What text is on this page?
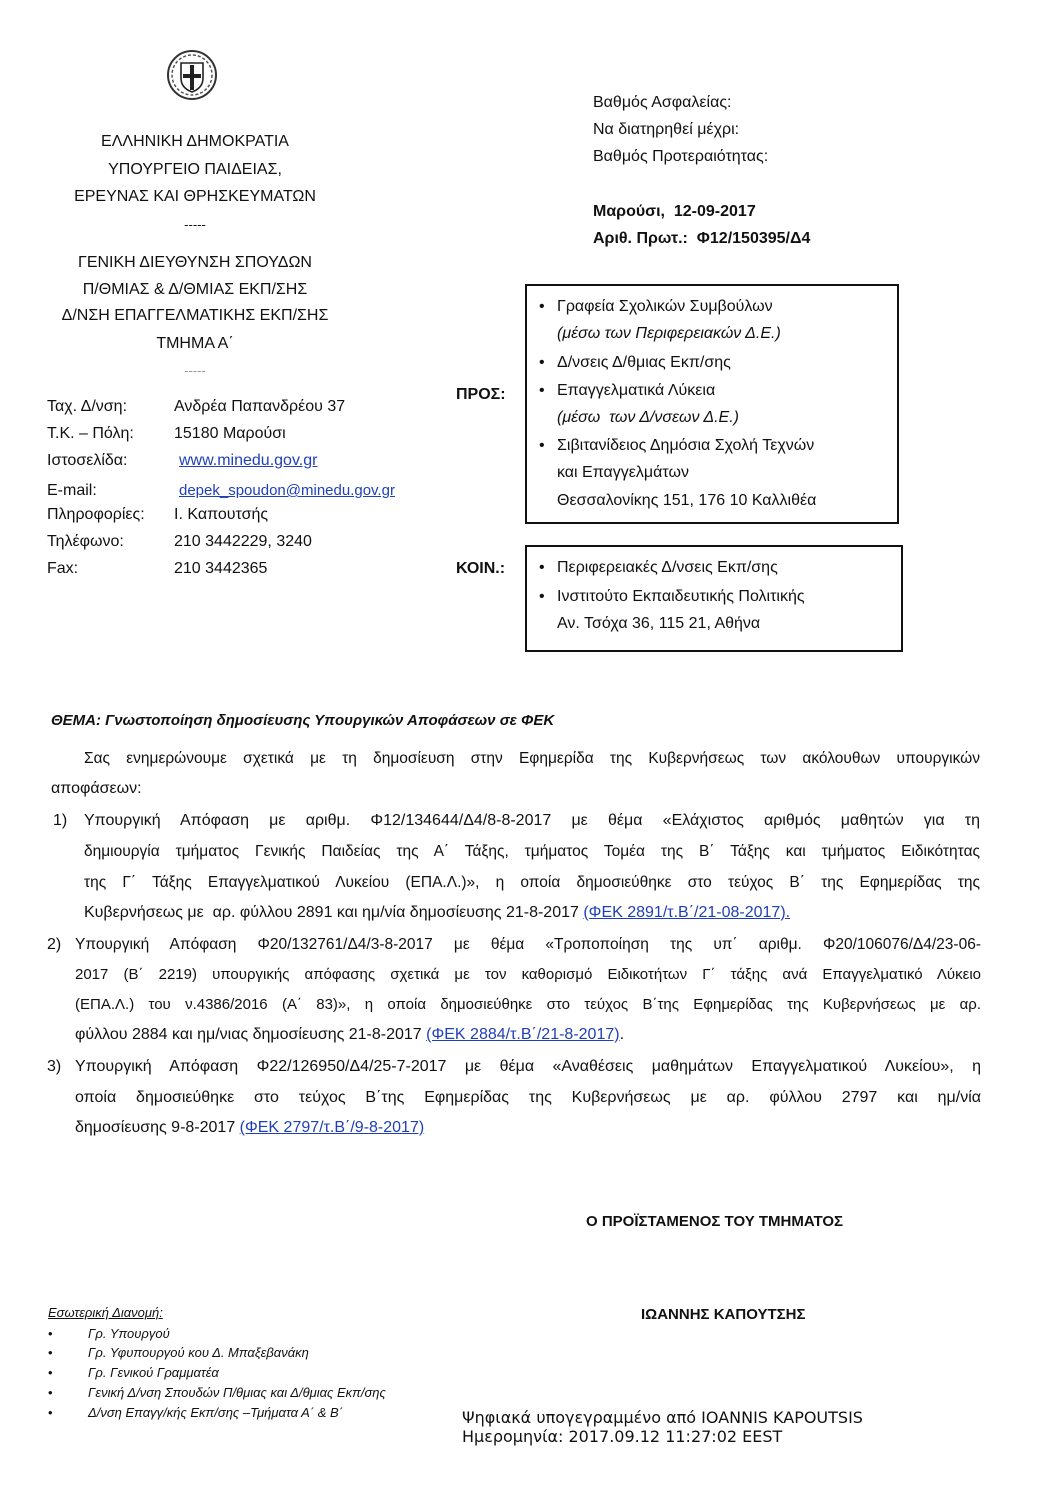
ΕΛΛΗΝΙΚΗ ΔΗΜΟΚΡΑΤΙΑ
ΥΠΟΥΡΓΕΙΟ ΠΑΙΔΕΙΑΣ,
ΕΡΕΥΝΑΣ ΚΑΙ ΘΡΗΣΚΕΥΜΑΤΩΝ
-----
ΓΕΝΙΚΗ ΔΙΕΥΘΥΝΣΗ ΣΠΟΥΔΩΝ
Π/ΘΜΙΑΣ & Δ/ΘΜΙΑΣ ΕΚΠ/ΣΗΣ
Δ/ΝΣΗ ΕΠΑΓΓΕΛΜΑΤΙΚΗΣ ΕΚΠ/ΣΗΣ
ΤΜΗΜΑ Α΄
-----
Ταχ. Δ/νση:	Ανδρέα Παπανδρέου 37
Τ.Κ. – Πόλη:	15180 Μαρούσι
Ιστοσελίδα:	www.minedu.gov.gr
E-mail:	depek_spoudon@minedu.gov.gr
Πληροφορίες: Ι. Καπουτσής
Τηλέφωνο:	210 3442229, 3240
Fax:	210 3442365
Βαθμός Ασφαλείας:
Να διατηρηθεί μέχρι:
Βαθμός Προτεραιότητας:
Μαρούσι,  12-09-2017
Αριθ. Πρωτ.:  Φ12/150395/Δ4
ΠΡΟΣ:
• Γραφεία Σχολικών Συμβούλων
(μέσω των Περιφερειακών Δ.Ε.)
• Δ/νσεις Δ/θμιας Εκπ/σης
• Επαγγελματικά Λύκεια
(μέσω  των Δ/νσεων Δ.Ε.)
• Σιβιτανίδειος Δημόσια Σχολή Τεχνών
και Επαγγελμάτων
Θεσσαλονίκης 151, 176 10 Καλλιθέα
ΚΟΙΝ.: • Περιφερειακές Δ/νσεις Εκπ/σης
• Ινστιτούτο Εκπαιδευτικής Πολιτικής
Αν. Τσόχα 36, 115 21, Αθήνα
ΘΕΜΑ: Γνωστοποίηση δημοσίευσης Υπουργικών Αποφάσεων σε ΦΕΚ
Σας ενημερώνουμε σχετικά με τη δημοσίευση στην Εφημερίδα της Κυβερνήσεως των ακόλουθων υπουργικών
αποφάσεων:
1) Υπουργική Απόφαση με αριθμ. Φ12/134644/Δ4/8-8-2017 με θέμα «Ελάχιστος αριθμός μαθητών για τη
δημιουργία τμήματος Γενικής Παιδείας της Α΄ Τάξης, τμήματος Τομέα της Β΄ Τάξης και τμήματος Ειδικότητας
της Γ΄ Τάξης Επαγγελματικού Λυκείου (ΕΠΑ.Λ.)», η οποία δημοσιεύθηκε στο τεύχος Β΄ της Εφημερίδας της
Κυβερνήσεως με  αρ. φύλλου 2891 και ημ/νία δημοσίευσης 21-8-2017 (ΦΕΚ 2891/τ.Β΄/21-08-2017).
2) Υπουργική Απόφαση Φ20/132761/Δ4/3-8-2017 με θέμα «Τροποποίηση της υπ΄ αριθμ. Φ20/106076/Δ4/23-06-
2017 (Β΄ 2219) υπουργικής απόφασης σχετικά με τον καθορισμό Ειδικοτήτων Γ΄ τάξης ανά Επαγγελματικό Λύκειο
(ΕΠΑ.Λ.) του ν.4386/2016 (Α΄ 83)», η οποία δημοσιεύθηκε στο τεύχος Β΄της Εφημερίδας της Κυβερνήσεως με αρ.
φύλλου 2884 και ημ/νιας δημοσίευσης 21-8-2017 (ΦΕΚ 2884/τ.Β΄/21-8-2017).
3) Υπουργική Απόφαση Φ22/126950/Δ4/25-7-2017 με θέμα «Αναθέσεις μαθημάτων Επαγγελματικού Λυκείου», η
οποία δημοσιεύθηκε στο τεύχος Β΄της Εφημερίδας της Κυβερνήσεως με αρ. φύλλου 2797 και ημ/νία
δημοσίευσης 9-8-2017 (ΦΕΚ 2797/τ.Β΄/9-8-2017)
Ο ΠΡΟΪΣΤΑΜΕΝΟΣ ΤΟΥ ΤΜΗΜΑΤΟΣ
ΙΩΑΝΝΗΣ ΚΑΠΟΥΤΣΗΣ
Εσωτερική Διανομή:
•	Γρ. Υπουργού
•	Γρ. Υφυπουργού κου Δ. Μπαξεβανάκη
•	Γρ. Γενικού Γραμματέα
•	Γενική Δ/νση Σπουδών Π/θμιας και Δ/θμιας Εκπ/σης
•	Δ/νση Επαγγ/κής Εκπ/σης –Τμήματα Α΄ & Β΄	Ψηφιακά υπογεγραμμένο από IOANNIS KAPOUTSIS
Ημερομηνία: 2017.09.12 11:27:02 EEST
